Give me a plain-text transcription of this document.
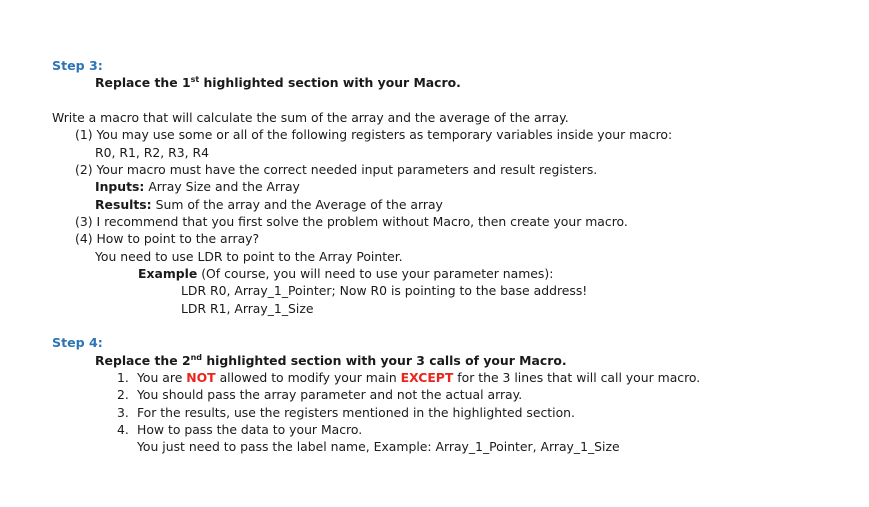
Step 3:
Replace the 1st highlighted section with your Macro.
Write a macro that will calculate the sum of the array and the average of the array.
(1) You may use some or all of the following registers as temporary variables inside your macro:
R0, R1, R2, R3, R4
(2) Your macro must have the correct needed input parameters and result registers.
Inputs: Array Size and the Array
Results: Sum of the array and the Average of the array
(3) I recommend that you first solve the problem without Macro, then create your macro.
(4) How to point to the array?
You need to use LDR to point to the Array Pointer.
Example (Of course, you will need to use your parameter names):
LDR R0, Array_1_Pointer; Now R0 is pointing to the base address!
LDR R1, Array_1_Size
Step 4:
Replace the 2nd highlighted section with your 3 calls of your Macro.
1. You are NOT allowed to modify your main EXCEPT for the 3 lines that will call your macro.
2. You should pass the array parameter and not the actual array.
3. For the results, use the registers mentioned in the highlighted section.
4. How to pass the data to your Macro.
You just need to pass the label name, Example: Array_1_Pointer, Array_1_Size
